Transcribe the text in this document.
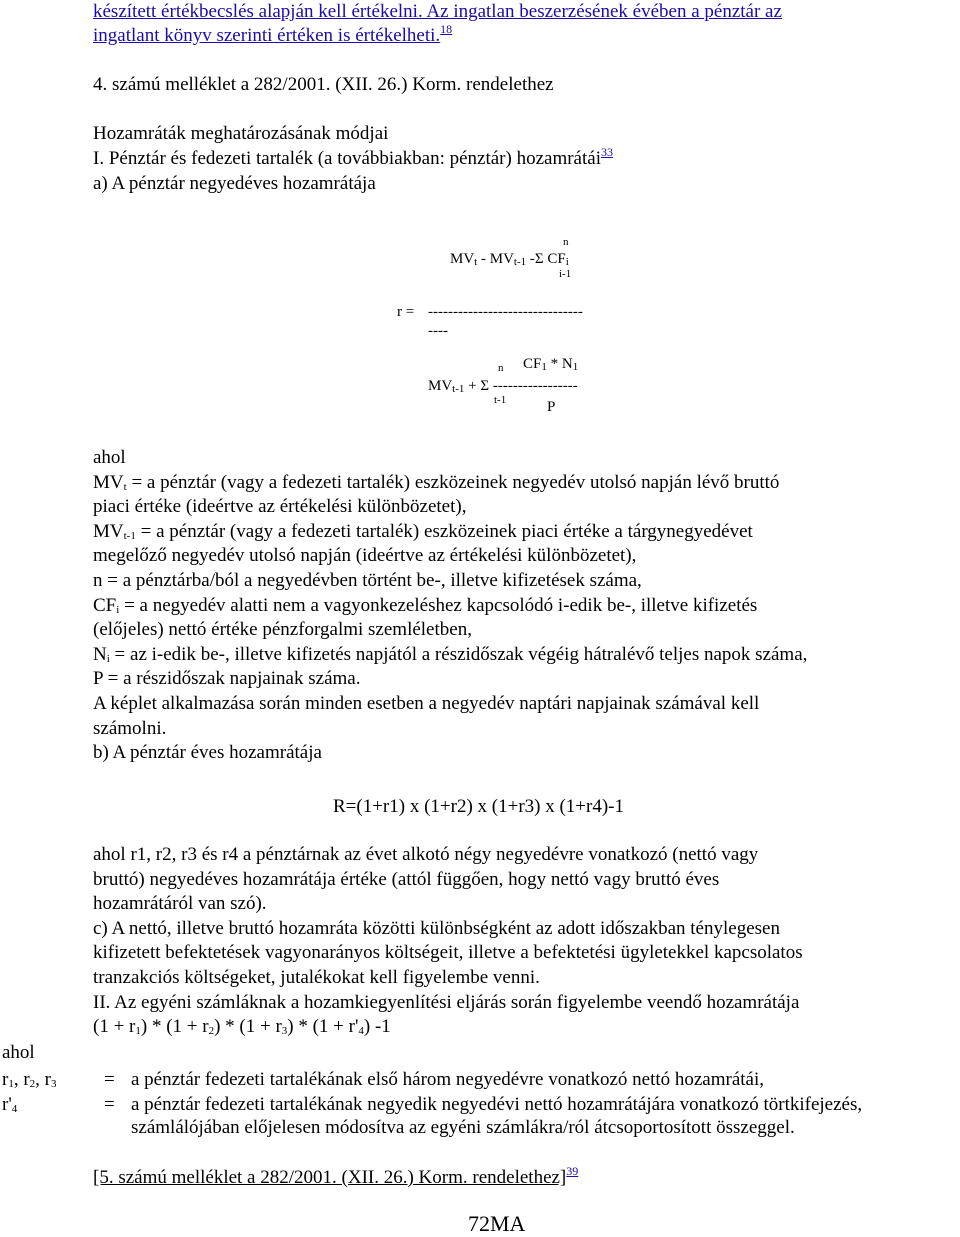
készített értékbecslés alapján kell értékelni. Az ingatlan beszerzésének évében a pénztár az
ingatlant könyv szerinti értéken is értékelheti.$^{18}$
4. számú melléklet a 282/2001. (XII. 26.) Korm. rendelethez
Hozamráták meghatározásának módjai
I. Pénztár és fedezeti tartalék (a továbbiakban: pénztár) hozamrátái$^{33}$
a) A pénztár negyedéves hozamrátája
n
$MV_t - MV_{t-1}$ -Σ $CF_i$
i-1
r = -------------------------------
----
n $CF_1 * N_1$
$MV_{t-1} + \Sigma$ -----------------
t-1	P
ahol
$MV_t = a$ pénztár (vagy a fedezeti tartalék) eszközeinek negyedév utolsó napján lévő bruttó
piaci értéke (ideértve az értékelési különbözetet),
$MV_{t-1} = a$ pénztár (vagy a fedezeti tartalék) eszközeinek piaci értéke a tárgynegyedévet
megelőző negyedév utolsó napján (ideértve az értékelési különbözetet),
n = a pénztárba/ból a negyedévben történt be-, illetve kifizetések száma,
$CF_i = a$ negyedév alatti nem a vagyonkezeléshez kapcsolódó i-edik be-, illetve kifizetés
(előjeles) nettó értéke pénzforgalmi szemléletben,
$N_i$ = az i-edik be-, illetve kifizetés napjától a részidőszak végéig hátralévő teljes napok száma,
P = a részidőszak napjainak száma.
A képlet alkalmazása során minden esetben a negyedév naptári napjainak számával kell
számolni.
b) A pénztár éves hozamrátája
R=(1+r1) x (1+r2) x (1+r3) x (1+r4)-1
ahol r1, r2, r3 és r4 a pénztárnak az évet alkotó négy negyedévre vonatkozó (nettó vagy
bruttó) negyedéves hozamrátája értéke (attól függően, hogy nettó vagy bruttó éves
hozamrátáról van szó).
c) A nettó, illetve bruttó hozamráta közötti különbségként az adott időszakban ténylegesen
kifizetett befektetések vagyonarányos költségeit, illetve a befektetési ügyletekkel kapcsolatos
tranzakciós költségeket, jutalékokat kell figyelembe venni.
II. Az egyéni számláknak a hozamkiegyenlítési eljárás során figyelembe veendő hozamrátája
$(1 + r_1) * (1 + r_2) * (1 + r_3) * (1 + r'_4)$ -1
ahol
$r_1$, $r_2$, $r_3$
$r'_4$
=
=
a pénztár fedezeti tartalékának első három negyedévre vonatkozó nettó hozamrátái,
a pénztár fedezeti tartalékának negyedik negyedévi nettó hozamrátájára vonatkozó törtkifejezés,
számlálójában előjelesen módosítva az egyéni számlákra/ról átcsoportosított összeggel.
[5. számú melléklet a 282/2001. (XII. 26.) Korm. rendelethez]$^{39}$
72MA
